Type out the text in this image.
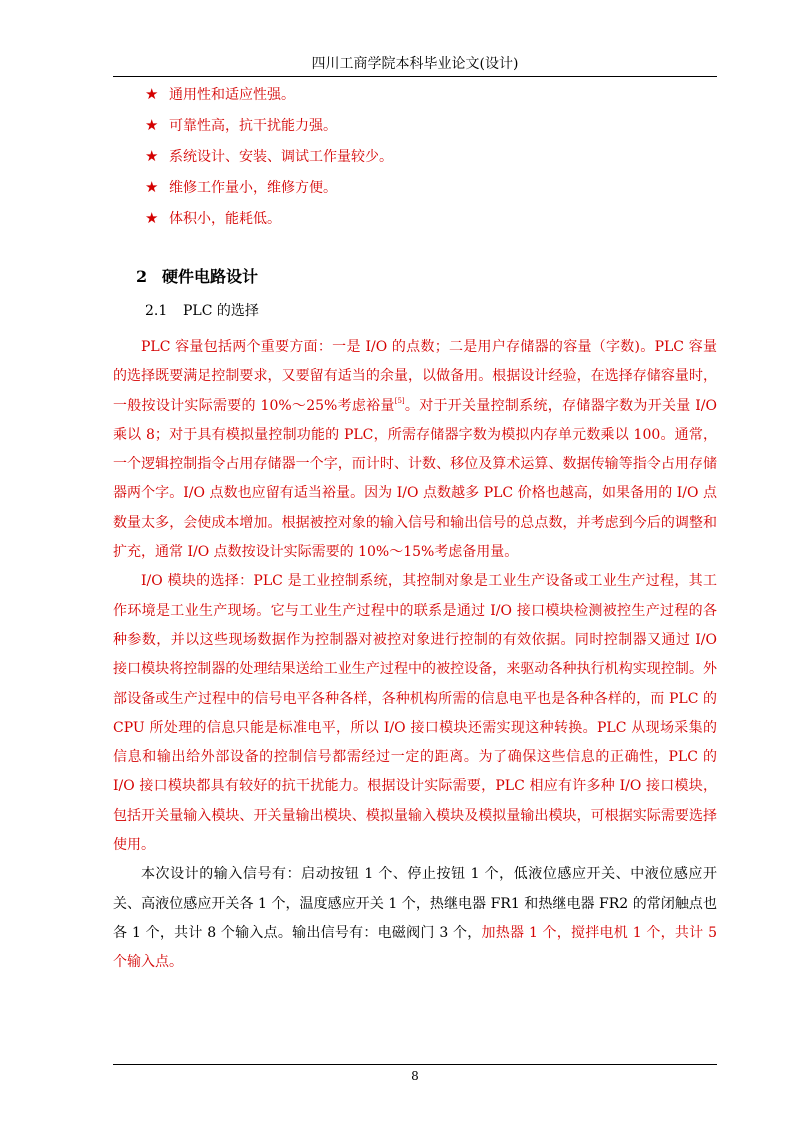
四川工商学院本科毕业论文(设计)
★ 通用性和适应性强。
★ 可靠性高，抗干扰能力强。
★ 系统设计、安装、调试工作量较少。
★ 维修工作量小，维修方便。
★ 体积小，能耗低。
2 硬件电路设计
2.1 PLC 的选择

PLC 容量包括两个重要方面：一是 I/O 的点数；二是用户存储器的容量（字数)。PLC 容量的选择既要满足控制要求，又要留有适当的余量，以做备用。根据设计经验，在选择存储容量时，一般按设计实际需要的 10%～25%考虑裕量[5]。对于开关量控制系统，存储器字数为开关量 I/O 乘以 8；对于具有模拟量控制功能的 PLC，所需存储器字数为模拟内存单元数乘以 100。通常，一个逻辑控制指令占用存储器一个字，而计时、计数、移位及算术运算、数据传输等指令占用存储器两个字。I/O 点数也应留有适当裕量。因为 I/O 点数越多 PLC 价格也越高，如果备用的 I/O 点数量太多，会使成本增加。根据被控对象的输入信号和输出信号的总点数，并考虑到今后的调整和扩充，通常 I/O 点数按设计实际需要的 10%～15%考虑备用量。

I/O 模块的选择：PLC 是工业控制系统，其控制对象是工业生产设备或工业生产过程，其工作环境是工业生产现场。它与工业生产过程中的联系是通过 I/O 接口模块检测被控生产过程的各种参数，并以这些现场数据作为控制器对被控对象进行控制的有效依据。同时控制器又通过 I/O 接口模块将控制器的处理结果送给工业生产过程中的被控设备，来驱动各种执行机构实现控制。外部设备或生产过程中的信号电平各种各样，各种机构所需的信息电平也是各种各样的，而 PLC 的 CPU 所处理的信息只能是标准电平，所以 I/O 接口模块还需实现这种转换。PLC 从现场采集的信息和输出给外部设备的控制信号都需经过一定的距离。为了确保这些信息的正确性，PLC 的 I/O 接口模块都具有较好的抗干扰能力。根据设计实际需要，PLC 相应有许多种 I/O 接口模块，包括开关量输入模块、开关量输出模块、模拟量输入模块及模拟量输出模块，可根据实际需要选择使用。

本次设计的输入信号有：启动按钮 1 个、停止按钮 1 个，低液位感应开关、中液位感应开关、高液位感应开关各 1 个，温度感应开关 1 个，热继电器 FR1 和热继电器 FR2 的常闭触点也各 1 个，共计 8 个输入点。输出信号有：电磁阀门 3 个，加热器 1 个，搅拌电机 1 个，共计 5 个输入点。

8
